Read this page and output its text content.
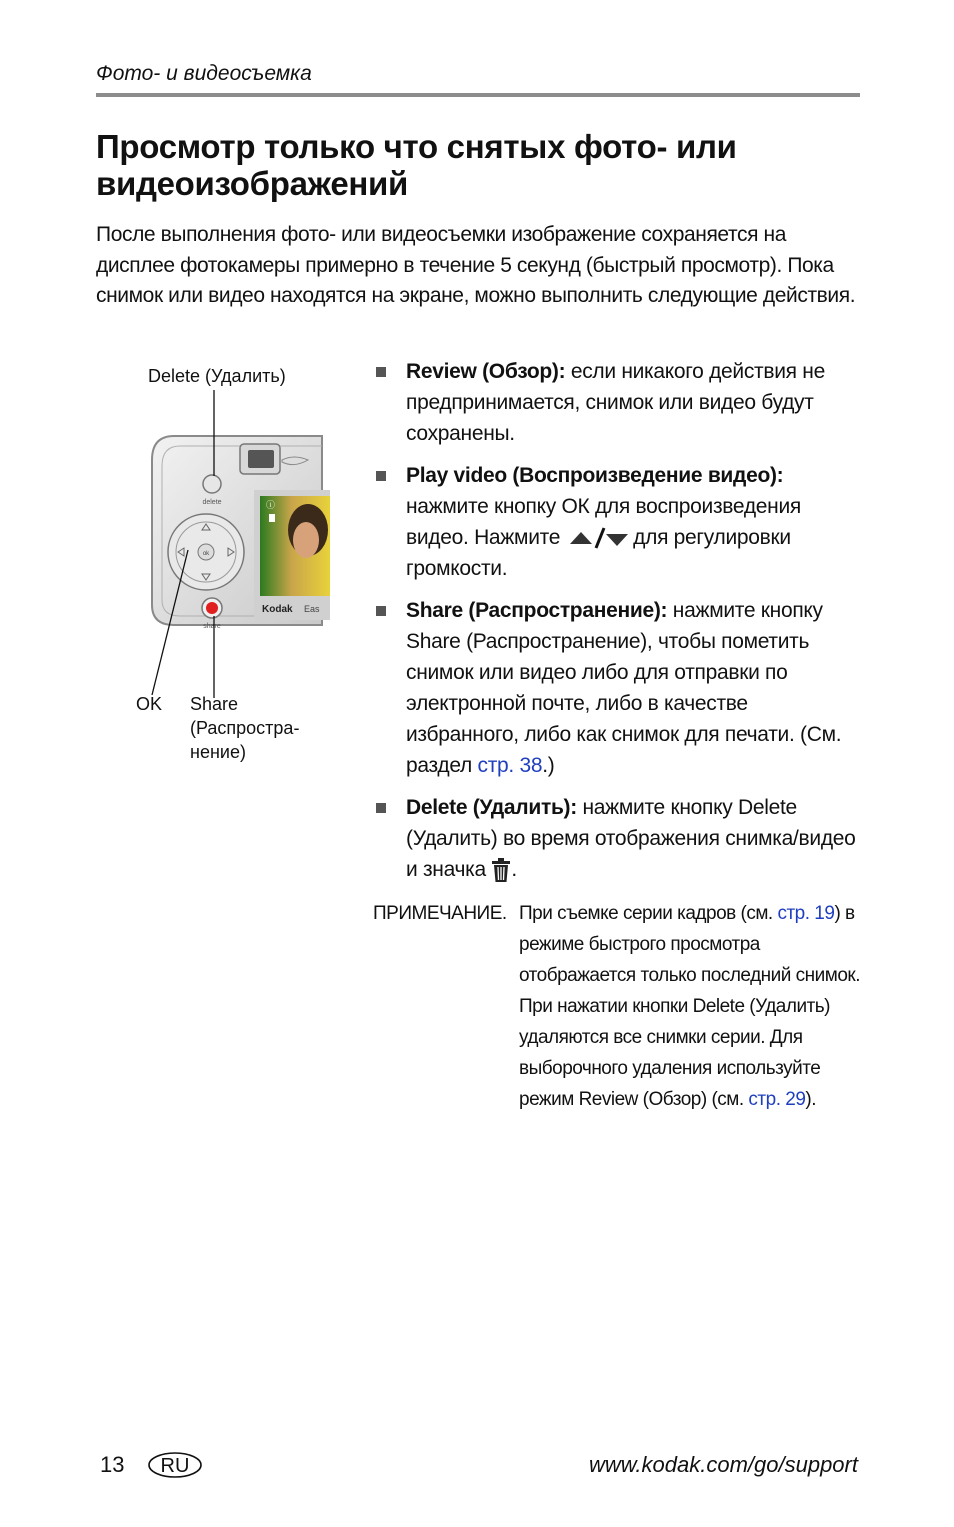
Фото- и видеосъемка
Просмотр только что снятых фото- или видеоизображений

После выполнения фото- или видеосъемки изображение сохраняется на дисплее фотокамеры примерно в течение 5 секунд (быстрый просмотр). Пока снимок или видео находятся на экране, можно выполнить следующие действия.

Delete (Удалить)
delete
ok
share
ⓘ
Kodak Eas
OK Share
(Распростра-
нение)
Review (Обзор): если никакого действия не предпринимается, снимок или видео будут сохранены.
Play video (Воспроизведение видео): нажмите кнопку ОК для воспроизведения видео. Нажмите	для регулировки громкости.
Share (Распространение): нажмите кнопку Share (Распространение), чтобы пометить снимок или видео либо для отправки по электронной почте, либо в качестве избранного, либо как снимок для печати. (См. раздел стр. 38.)
Delete (Удалить): нажмите кнопку Delete (Удалить) во время отображения снимка/видео и значка .
ПРИМЕЧАНИЕ. При съемке серии кадров (см. стр. 19) в режиме быстрого просмотра отображается только последний снимок. При нажатии кнопки Delete (Удалить) удаляются все снимки серии. Для выборочного удаления используйте режим Review (Обзор) (см. стр. 29).
13 RU	www.kodak.com/go/support
